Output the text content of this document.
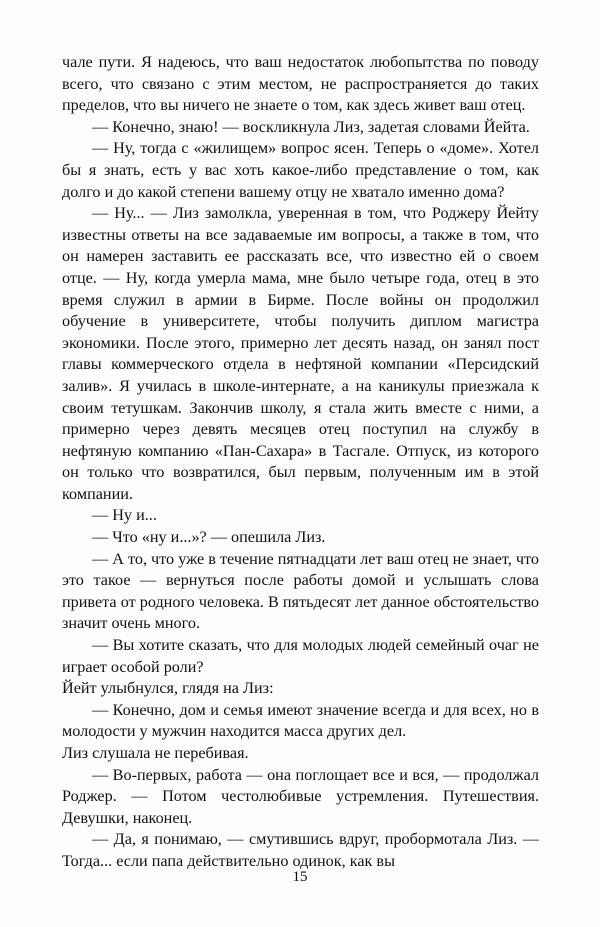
чале пути. Я надеюсь, что ваш недостаток любопытства по поводу всего, что связано с этим местом, не распространяется до таких пределов, что вы ничего не знаете о том, как здесь живет ваш отец.

— Конечно, знаю! — воскликнула Лиз, задетая словами Йейта.

— Ну, тогда с «жилищем» вопрос ясен. Теперь о «доме». Хотел бы я знать, есть у вас хоть какое-либо представление о том, как долго и до какой степени вашему отцу не хватало именно дома?

— Ну... — Лиз замолкла, уверенная в том, что Роджеру Йейту известны ответы на все задаваемые им вопросы, а также в том, что он намерен заставить ее рассказать все, что известно ей о своем отце. — Ну, когда умерла мама, мне было четыре года, отец в это время служил в армии в Бирме. После войны он продолжил обучение в университете, чтобы получить диплом магистра экономики. После этого, примерно лет десять назад, он занял пост главы коммерческого отдела в нефтяной компании «Персидский залив». Я училась в школе-интернате, а на каникулы приезжала к своим тетушкам. Закончив школу, я стала жить вместе с ними, а примерно через девять месяцев отец поступил на службу в нефтяную компанию «Пан-Сахара» в Тасгале. Отпуск, из которого он только что возвратился, был первым, полученным им в этой компании.

— Ну и...

— Что «ну и...»? — опешила Лиз.

— А то, что уже в течение пятнадцати лет ваш отец не знает, что это такое — вернуться после работы домой и услышать слова привета от родного человека. В пятьдесят лет данное обстоятельство значит очень много.

— Вы хотите сказать, что для молодых людей семейный очаг не играет особой роли?

Йейт улыбнулся, глядя на Лиз:

— Конечно, дом и семья имеют значение всегда и для всех, но в молодости у мужчин находится масса других дел.

Лиз слушала не перебивая.

— Во-первых, работа — она поглощает все и вся, — продолжал Роджер. — Потом честолюбивые устремления. Путешествия. Девушки, наконец.

— Да, я понимаю, — смутившись вдруг, пробормотала Лиз. — Тогда... если папа действительно одинок, как вы

15
